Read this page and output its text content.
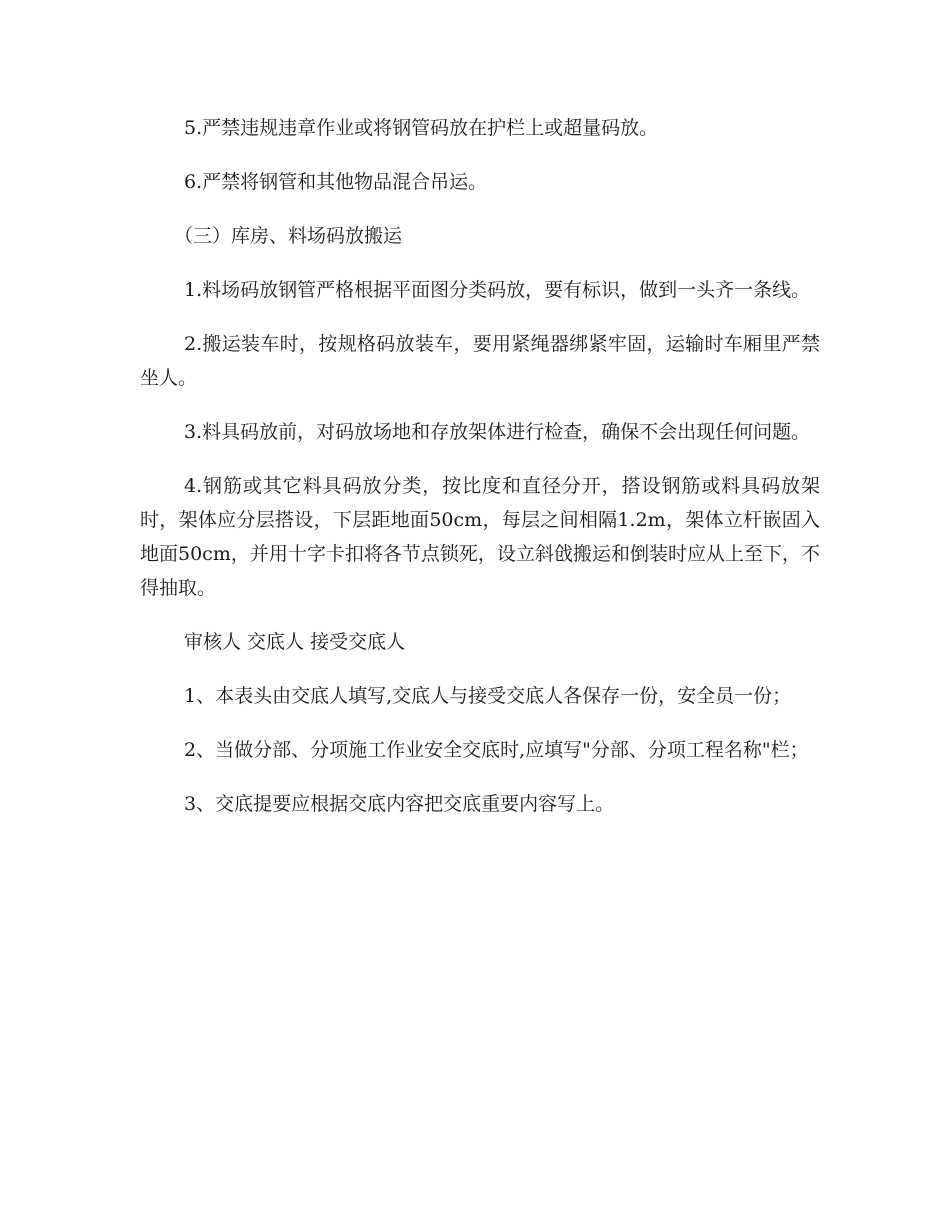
5.严禁违规违章作业或将钢管码放在护栏上或超量码放。

6.严禁将钢管和其他物品混合吊运。

（三）库房、料场码放搬运

1.料场码放钢管严格根据平面图分类码放，要有标识，做到一头齐一条线。

2.搬运装车时，按规格码放装车，要用紧绳器绑紧牢固，运输时车厢里严禁坐人。

3.料具码放前，对码放场地和存放架体进行检查，确保不会出现任何问题。

4.钢筋或其它料具码放分类，按比度和直径分开，搭设钢筋或料具码放架时，架体应分层搭设，下层距地面50cm，每层之间相隔1.2m，架体立杆嵌固入地面50cm，并用十字卡扣将各节点锁死，设立斜戗搬运和倒装时应从上至下，不得抽取。

审核人 交底人 接受交底人

1、本表头由交底人填写,交底人与接受交底人各保存一份，安全员一份；

2、当做分部、分项施工作业安全交底时,应填写"分部、分项工程名称"栏；

3、交底提要应根据交底内容把交底重要内容写上。
